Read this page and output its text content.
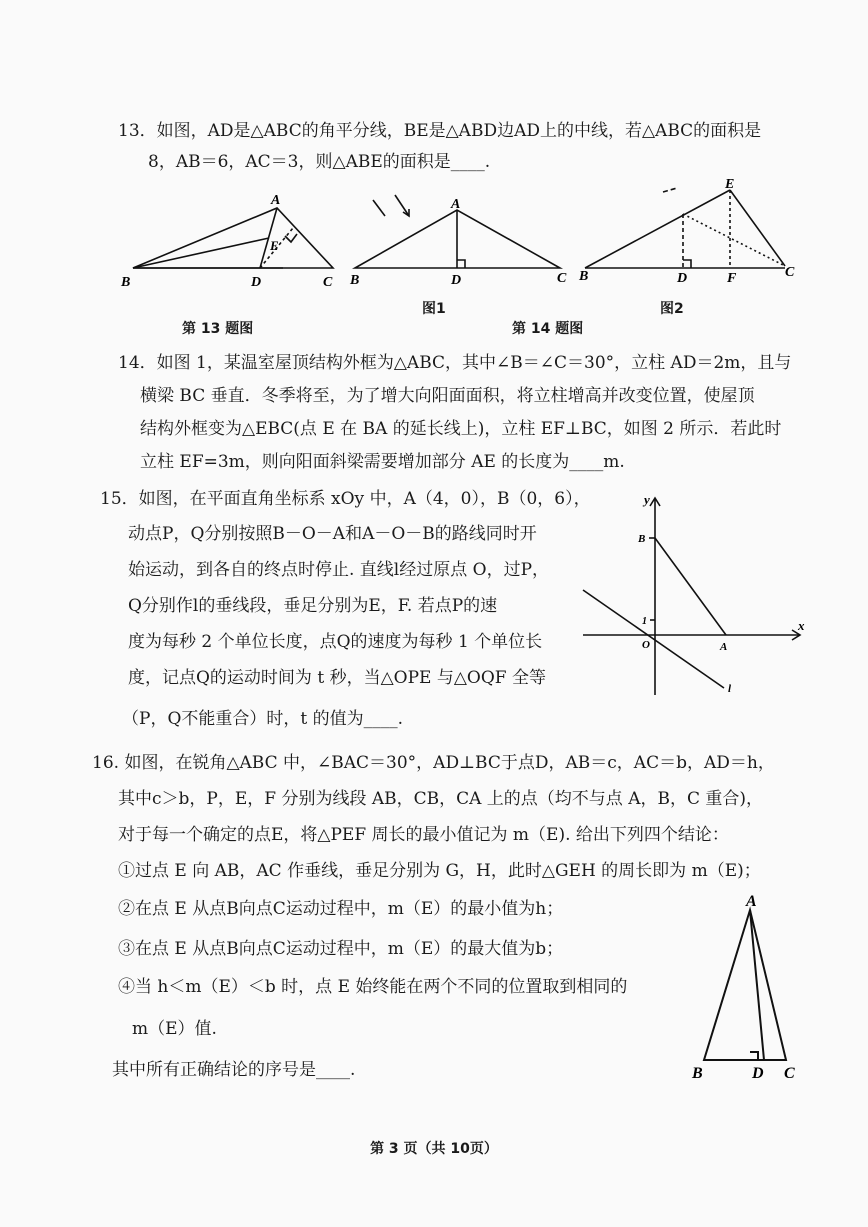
13．如图，AD是△ABC的角平分线，BE是△ABD边AD上的中线，若△ABC的面积是
8，AB＝6，AC＝3，则△ABE的面积是____.
A
B	C
D
E
第 13 题图
A
B	C
D
图1
E
B	C
D	F
图2
第 14 题图
14．如图 1，某温室屋顶结构外框为△ABC，其中∠B＝∠C＝30°，立柱 AD＝2m，且与
横梁 BC 垂直．冬季将至，为了增大向阳面面积，将立柱增高并改变位置，使屋顶
结构外框变为△EBC(点 E 在 BA 的延长线上)，立柱 EF⊥BC，如图 2 所示．若此时
立柱 EF=3m，则向阳面斜梁需要增加部分 AE 的长度为____m.
15．如图，在平面直角坐标系 xOy 中，A（4，0），B（0，6），
动点P，Q分别按照B－O－A和A－O－B的路线同时开
始运动，到各自的终点时停止. 直线l经过原点 O，过P，
Q分别作l的垂线段，垂足分别为E，F. 若点P的速
度为每秒 2 个单位长度，点Q的速度为每秒 1 个单位长
度，记点Q的运动时间为 t 秒，当△OPE 与△OQF 全等
（P，Q不能重合）时，t 的值为____.
y
x
B
A
O
1
l
16. 如图，在锐角△ABC 中，∠BAC＝30°，AD⊥BC于点D，AB＝c，AC＝b，AD＝h，
其中c＞b，P，E，F 分别为线段 AB，CB，CA 上的点（均不与点 A，B，C 重合)，
对于每一个确定的点E，将△PEF 周长的最小值记为 m（E). 给出下列四个结论：
①过点 E 向 AB，AC 作垂线，垂足分别为 G，H，此时△GEH 的周长即为 m（E)；
②在点 E 从点B向点C运动过程中，m（E）的最小值为h；
③在点 E 从点B向点C运动过程中，m（E）的最大值为b；
④当 h＜m（E）＜b 时，点 E 始终能在两个不同的位置取到相同的
m（E）值.
其中所有正确结论的序号是____.
A
B	C
D
第 3 页（共 10页）
